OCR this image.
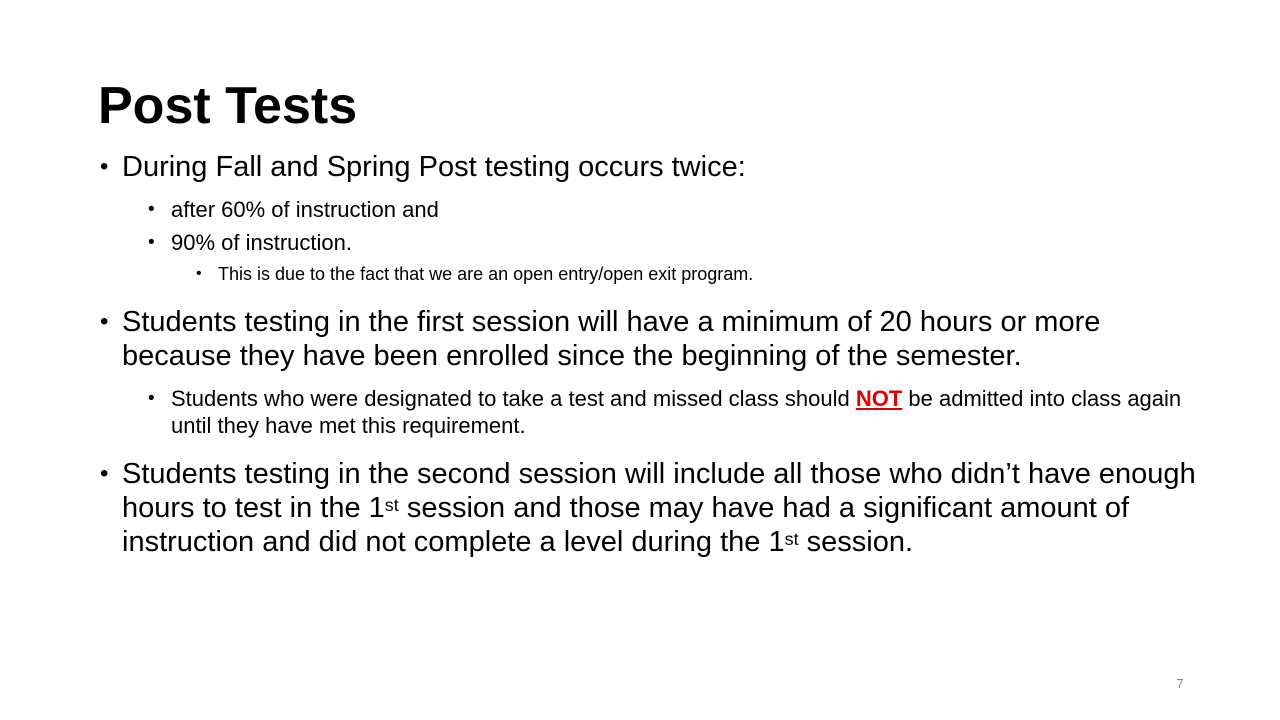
Post Tests
• During Fall and Spring Post testing occurs twice:
• after 60% of instruction and
• 90% of instruction.
• This is due to the fact that we are an open entry/open exit program.
• Students testing in the first session will have a minimum of 20 hours or more because they have been enrolled since the beginning of the semester.
• Students who were designated to take a test and missed class should NOT be admitted into class again until they have met this requirement.
• Students testing in the second session will include all those who didn’t have enough hours to test in the 1st session and those may have had a significant amount of instruction and did not complete a level during the 1st session.
7
